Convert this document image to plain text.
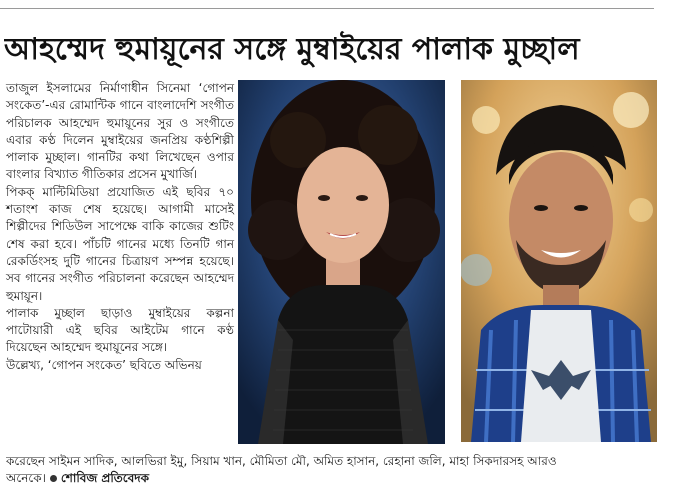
আহম্মেদ হুমায়ূনের সঙ্গে মুম্বাইয়ের পালাক মুচ্ছাল

তাজুল ইসলামের নির্মাণাধীন সিনেমা ‘গোপন সংকেত’-এর রোমান্টিক গানে বাংলাদেশি সংগীত পরিচালক আহম্মেদ হুমায়ূনের সুর ও সংগীতে এবার কণ্ঠ দিলেন মুম্বাইয়ের জনপ্রিয় কণ্ঠশিল্পী পালাক মুচ্ছাল। গানটির কথা লিখেছেন ওপার বাংলার বিখ্যাত গীতিকার প্রসেন মুখার্জি।

পিকক্ মাল্টিমিডিয়া প্রযোজিত এই ছবির ৭০ শতাংশ কাজ শেষ হয়েছে। আগামী মাসেই শিল্পীদের শিডিউল সাপেক্ষে বাকি কাজের শুটিং শেষ করা হবে। পাঁচটি গানের মধ্যে তিনটি গান রেকর্ডিংসহ দুটি গানের চিত্রায়ণ সম্পন্ন হয়েছে। সব গানের সংগীত পরিচালনা করেছেন আহম্মেদ হুমায়ূন।

পালাক মুচ্ছাল ছাড়াও মুম্বাইয়ের কল্পনা পাটোয়ারী এই ছবির আইটেম গানে কণ্ঠ দিয়েছেন আহম্মেদ হুমায়ূনের সঙ্গে।

উল্লেখ্য, ‘গোপন সংকেত’ ছবিতে অভিনয়

করেছেন সাইমন সাদিক, আলভিরা ইমু, সিয়াম খান, মৌমিতা মৌ, অমিত হাসান, রেহানা জলি, মাহা সিকদারসহ আরও

অনেকে। শোবিজ প্রতিবেদক
